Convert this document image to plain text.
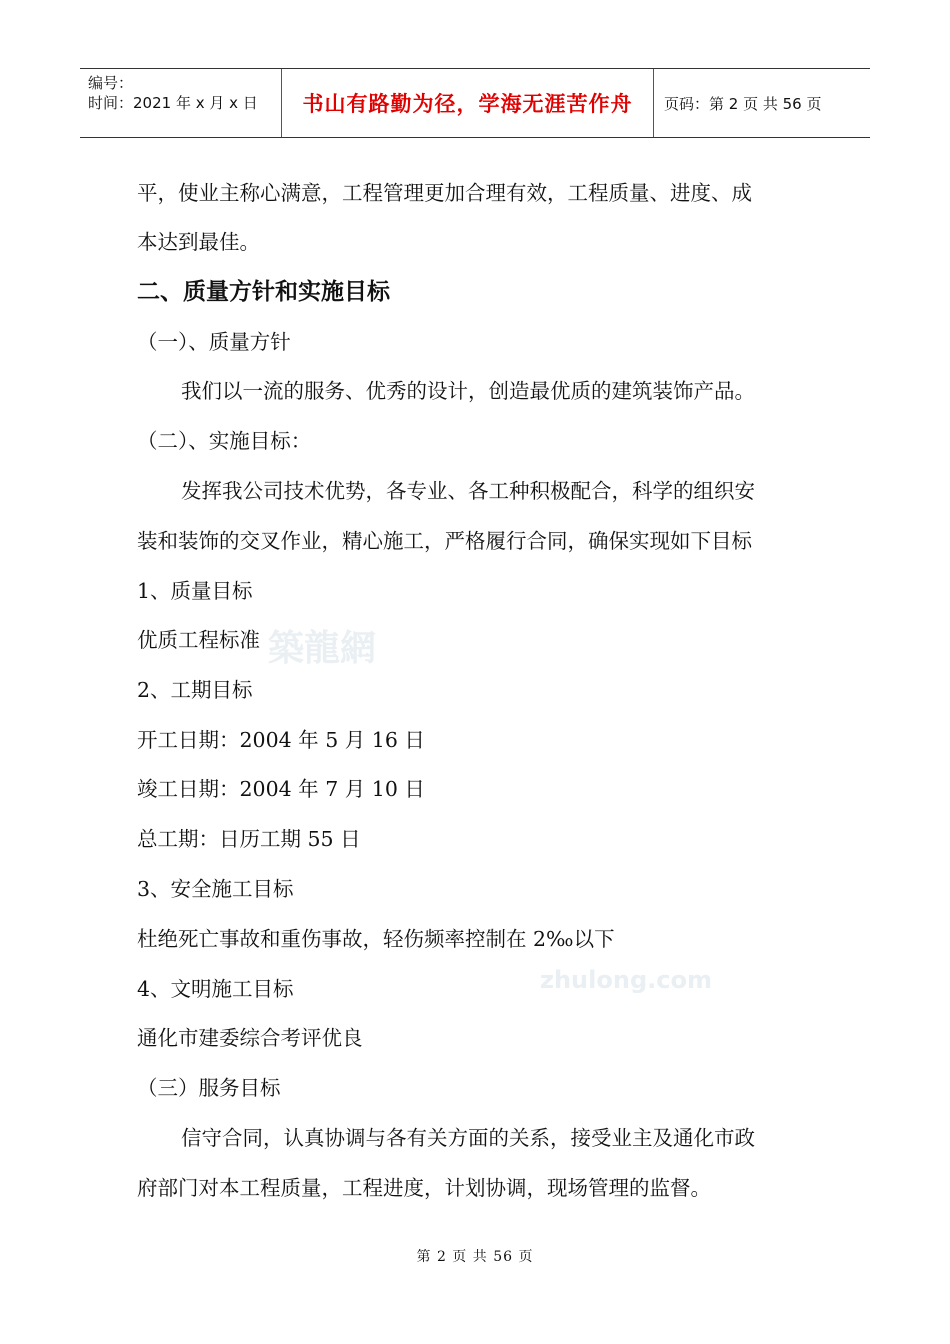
编号：
时间：2021 年 x 月 x 日	书山有路勤为径，学海无涯苦作舟 页码：第 2 页 共 56 页
築龍網
zhulong.com
平，使业主称心满意，工程管理更加合理有效，工程质量、进度、成
本达到最佳。
二、质量方针和实施目标
（一）、质量方针
我们以一流的服务、优秀的设计，创造最优质的建筑装饰产品。
（二）、实施目标：
发挥我公司技术优势，各专业、各工种积极配合，科学的组织安
装和装饰的交叉作业，精心施工，严格履行合同，确保实现如下目标
1、质量目标
优质工程标准
2、工期目标
开工日期：2004 年 5 月 16 日
竣工日期：2004 年 7 月 10 日
总工期：日历工期 55 日
3、安全施工目标
杜绝死亡事故和重伤事故，轻伤频率控制在 2‰以下
4、文明施工目标
通化市建委综合考评优良
（三）服务目标
信守合同，认真协调与各有关方面的关系，接受业主及通化市政
府部门对本工程质量，工程进度，计划协调，现场管理的监督。
第 2 页 共 56 页
